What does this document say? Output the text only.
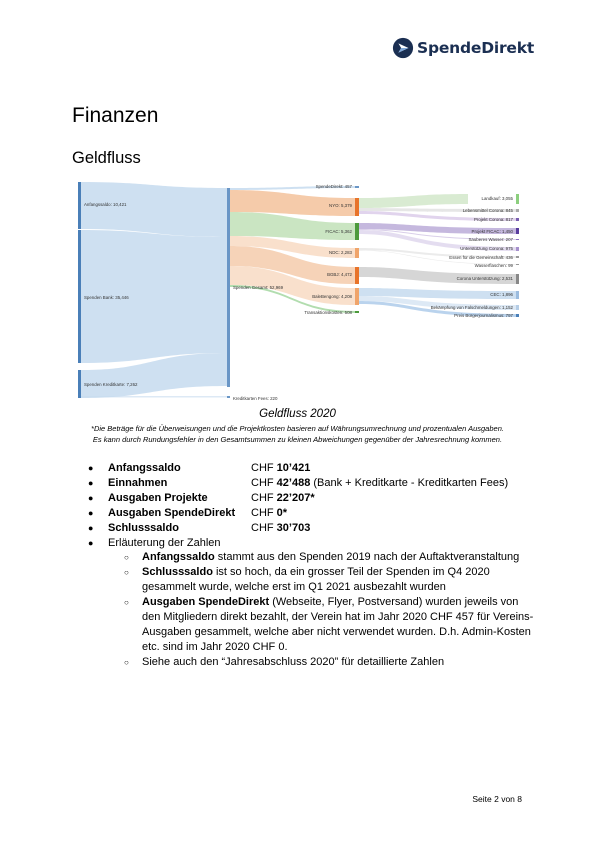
SpendeDirekt
Finanzen
Geldfluss
Anfangssaldo: 10,421
Spenden Bank: 35,446
Spenden Kreditkarte: 7,262
Spenden Gesamt: 52,969
Kreditkarten Fees: 220
SpendeDirekt: 457
NYO: 5,379
FICAC: 5,362
NDC: 2,283
BGBJ: 4,472
BaleBengong: 4,208
Transaktionskosten: 508
Landkauf: 3,055
Lebensmittel Corona: 845
Projekt Corona: 817
Projekt FICAC: 1,450
Sauberes Wasser: 207
Unterstützung Corona: 975
Essen für die Gemeinschaft: 436
Wasserflaschen: 99
Corona Unterstützung: 2,531
CEC: 1,896
Bekämpfung von Falschmeldungen: 1,152
Preis Bürgerjournalismus: 797
Geldfluss 2020
*Die Beträge für die Überweisungen und die Projektkosten basieren auf Währungsumrechnung und prozentualen Ausgaben.
Es kann durch Rundungsfehler in den Gesamtsummen zu kleinen Abweichungen gegenüber der Jahresrechnung kommen.
●	Anfangssaldo	CHF 10’421
●	Einnahmen	CHF 42’488 (Bank + Kreditkarte - Kreditkarten Fees)
●	Ausgaben Projekte	CHF 22’207*
●	Ausgaben SpendeDirekt	CHF 0*
●	Schlusssaldo	CHF 30’703
●	Erläuterung der Zahlen
○	Anfangssaldo stammt aus den Spenden 2019 nach der Auftaktveranstaltung
○	Schlusssaldo ist so hoch, da ein grosser Teil der Spenden im Q4 2020 gesammelt wurde, welche erst im Q1 2021 ausbezahlt wurden
○	Ausgaben SpendeDirekt (Webseite, Flyer, Postversand) wurden jeweils von den Mitgliedern direkt bezahlt, der Verein hat im Jahr 2020 CHF 457 für Vereins-Ausgaben gesammelt, welche aber nicht verwendet wurden. D.h. Admin-Kosten etc. sind im Jahr 2020 CHF 0.
○	Siehe auch den “Jahresabschluss 2020” für detaillierte Zahlen
Seite 2 von 8
